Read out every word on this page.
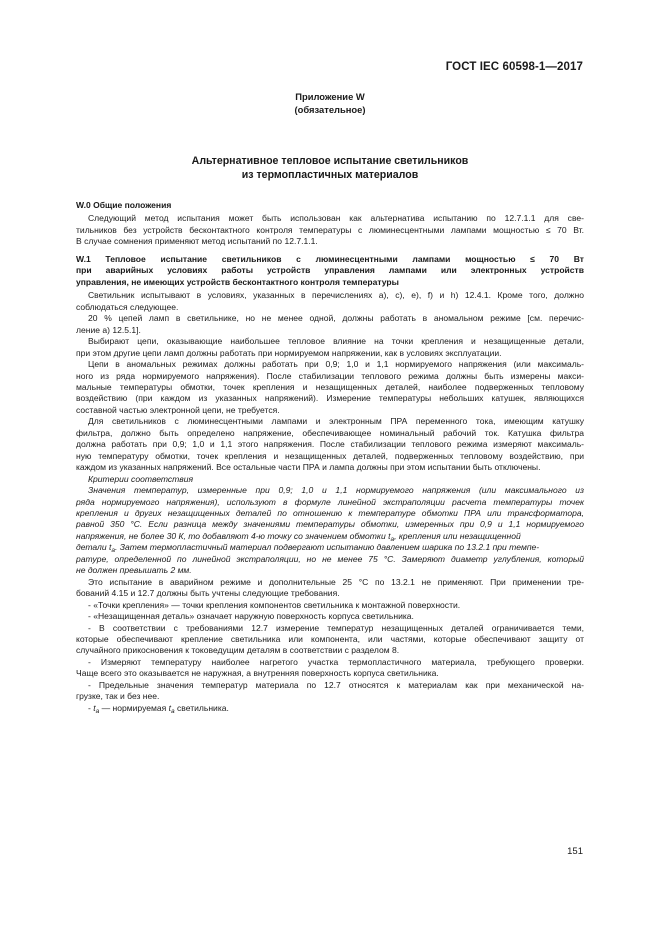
ГОСТ IEC 60598-1—2017
Приложение W
(обязательное)
Альтернативное тепловое испытание светильников
из термопластичных материалов

W.0 Общие положения

Следующий метод испытания может быть использован как альтернатива испытанию по 12.7.1.1 для све-
тильников без устройств бесконтактного контроля температуры с люминесцентными лампами мощностью ≤ 70 Вт.
В случае сомнения применяют метод испытаний по 12.7.1.1.

W.1 Тепловое испытание светильников с люминесцентными лампами мощностью ≤ 70 Вт
при аварийных условиях работы устройств управления лампами или электронных устройств
управления, не имеющих устройств бесконтактного контроля температуры

Светильник испытывают в условиях, указанных в перечислениях а), с), е), f) и h) 12.4.1. Кроме того, должно
соблюдаться следующее.
20 % цепей ламп в светильнике, но не менее одной, должны работать в аномальном режиме [см. перечис-
ление а) 12.5.1].
Выбирают цепи, оказывающие наибольшее тепловое влияние на точки крепления и незащищенные детали,
при этом другие цепи ламп должны работать при нормируемом напряжении, как в условиях эксплуатации.
Цепи в аномальных режимах должны работать при 0,9; 1,0 и 1,1 нормируемого напряжения (или максималь-
ного из ряда нормируемого напряжения). После стабилизации теплового режима должны быть измерены макси-
мальные температуры обмотки, точек крепления и незащищенных деталей, наиболее подверженных тепловому
воздействию (при каждом из указанных напряжений). Измерение температуры небольших катушек, являющихся
составной частью электронной цепи, не требуется.
Для светильников с люминесцентными лампами и электронным ПРА переменного тока, имеющим катушку
фильтра, должно быть определено напряжение, обеспечивающее номинальный рабочий ток. Катушка фильтра
должна работать при 0,9; 1,0 и 1,1 этого напряжения. После стабилизации теплового режима измеряют максималь-
ную температуру обмотки, точек крепления и незащищенных деталей, подверженных тепловому воздействию, при
каждом из указанных напряжений. Все остальные части ПРА и лампа должны при этом испытании быть отключены.

Критерии соответствия

Значения температур, измеренные при 0,9; 1,0 и 1,1 нормируемого напряжения (или максимального из
ряда нормируемого напряжения), используют в формуле линейной экстраполяции расчета температуры точек
крепления и других незащищенных деталей по отношению к температуре обмотки ПРА или трансформатора,
равной 350 °С. Если разница между значениями температуры обмотки, измеренных при 0,9 и 1,1 нормируемого
напряжения, не более 30 К, то добавляют 4-ю точку со значением обмотки $t_a$, крепления или незащищенной
детали $t_a$. Затем термопластичный материал подвергают испытанию давлением шарика по 13.2.1 при темпе-
ратуре, определенной по линейной экстраполяции, но не менее 75 °С. Замеряют диаметр углубления, который
не должен превышать 2 мм.
Это испытание в аварийном режиме и дополнительные 25 °С по 13.2.1 не применяют. При применении тре-
бований 4.15 и 12.7 должны быть учтены следующие требования.
- «Точки крепления» — точки крепления компонентов светильника к монтажной поверхности.
- «Незащищенная деталь» означает наружную поверхность корпуса светильника.
- В соответствии с требованиями 12.7 измерение температур незащищенных деталей ограничивается теми,
которые обеспечивают крепление светильника или компонента, или частями, которые обеспечивают защиту от
случайного прикосновения к токоведущим деталям в соответствии с разделом 8.
- Измеряют температуру наиболее нагретого участка термопластичного материала, требующего проверки.
Чаще всего это оказывается не наружная, а внутренняя поверхность корпуса светильника.
- Предельные значения температур материала по 12.7 относятся к материалам как при механической на-
грузке, так и без нее.
- $t_a$ — нормируемая $t_a$ светильника.
151
